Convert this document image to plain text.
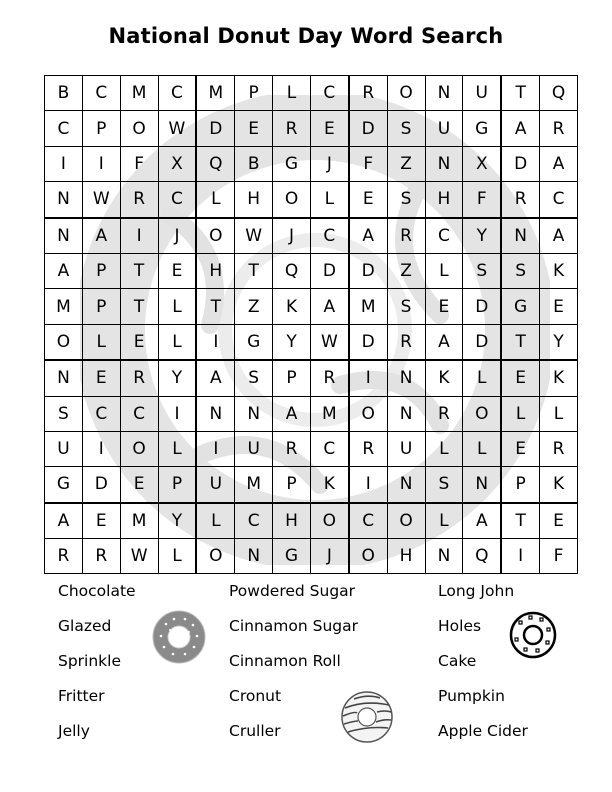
National Donut Day Word Search
B	C	M	C	M	P	L	C	R	O	N	U	T	Q
C	P	O	W	D	E	R	E	D	S	U	G	A	R
I	I	F	X	Q	B	G	J	F	Z	N	X	D	A
N	W	R	C	L	H	O	L	E	S	H	F	R	C
N	A	I	J	O	W	J	C	A	R	C	Y	N	A
A	P	T	E	H	T	Q	D	D	Z	L	S	S	K
M	P	T	L	T	Z	K	A	M	S	E	D	G	E
O	L	E	L	I	G	Y	W	D	R	A	D	T	Y
N	E	R	Y	A	S	P	R	I	N	K	L	E	K
S	C	C	I	N	N	A	M	O	N	R	O	L	L
U	I	O	L	I	U	R	C	R	U	L	L	E	R
G	D	E	P	U	M	P	K	I	N	S	N	P	K
A	E	M	Y	L	C	H	O	C	O	L	A	T	E
R	R	W	L	O	N	G	J	O	H	N	Q	I	F
Chocolate
Glazed
Sprinkle
Fritter
Jelly
Powdered Sugar
Cinnamon Sugar
Cinnamon Roll
Cronut
Cruller
Long John
Holes
Cake
Pumpkin
Apple Cider
